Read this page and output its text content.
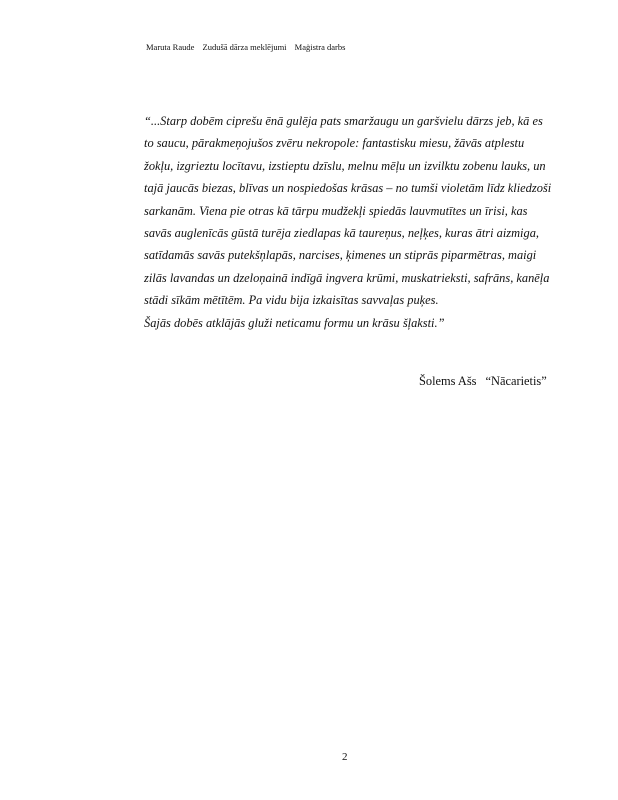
Maruta Raude Zudušā dārza meklējumi Maģistra darbs
“...Starp dobēm ciprešu ēnā gulēja pats smaržaugu un garšvielu dārzs jeb, kā es
to saucu, pārakmeņojušos zvēru nekropole: fantastisku miesu, žāvās atplestu
žokļu, izgrieztu locītavu, izstieptu dzīslu, melnu mēļu un izvilktu zobenu lauks, un
tajā jaucās biezas, blīvas un nospiedošas krāsas – no tumši violetām līdz kliedzoši
sarkanām. Viena pie otras kā tārpu mudžekļi spiedās lauvmutītes un īrisi, kas
savās auglenīcās gūstā turēja ziedlapas kā taureņus, neļķes, kuras ātri aizmiga,
satīdamās savās putekšņlapās, narcises, ķimenes un stiprās piparmētras, maigi
zilās lavandas un dzeloņainā indīgā ingvera krūmi, muskatrieksti, safrāns, kanēļa
stādi sīkām mētītēm. Pa vidu bija izkaisītas savvaļas puķes.
Šajās dobēs atklājās gluži neticamu formu un krāsu šļaksti.”
Šolems Ašs “Nācarietis”
2
